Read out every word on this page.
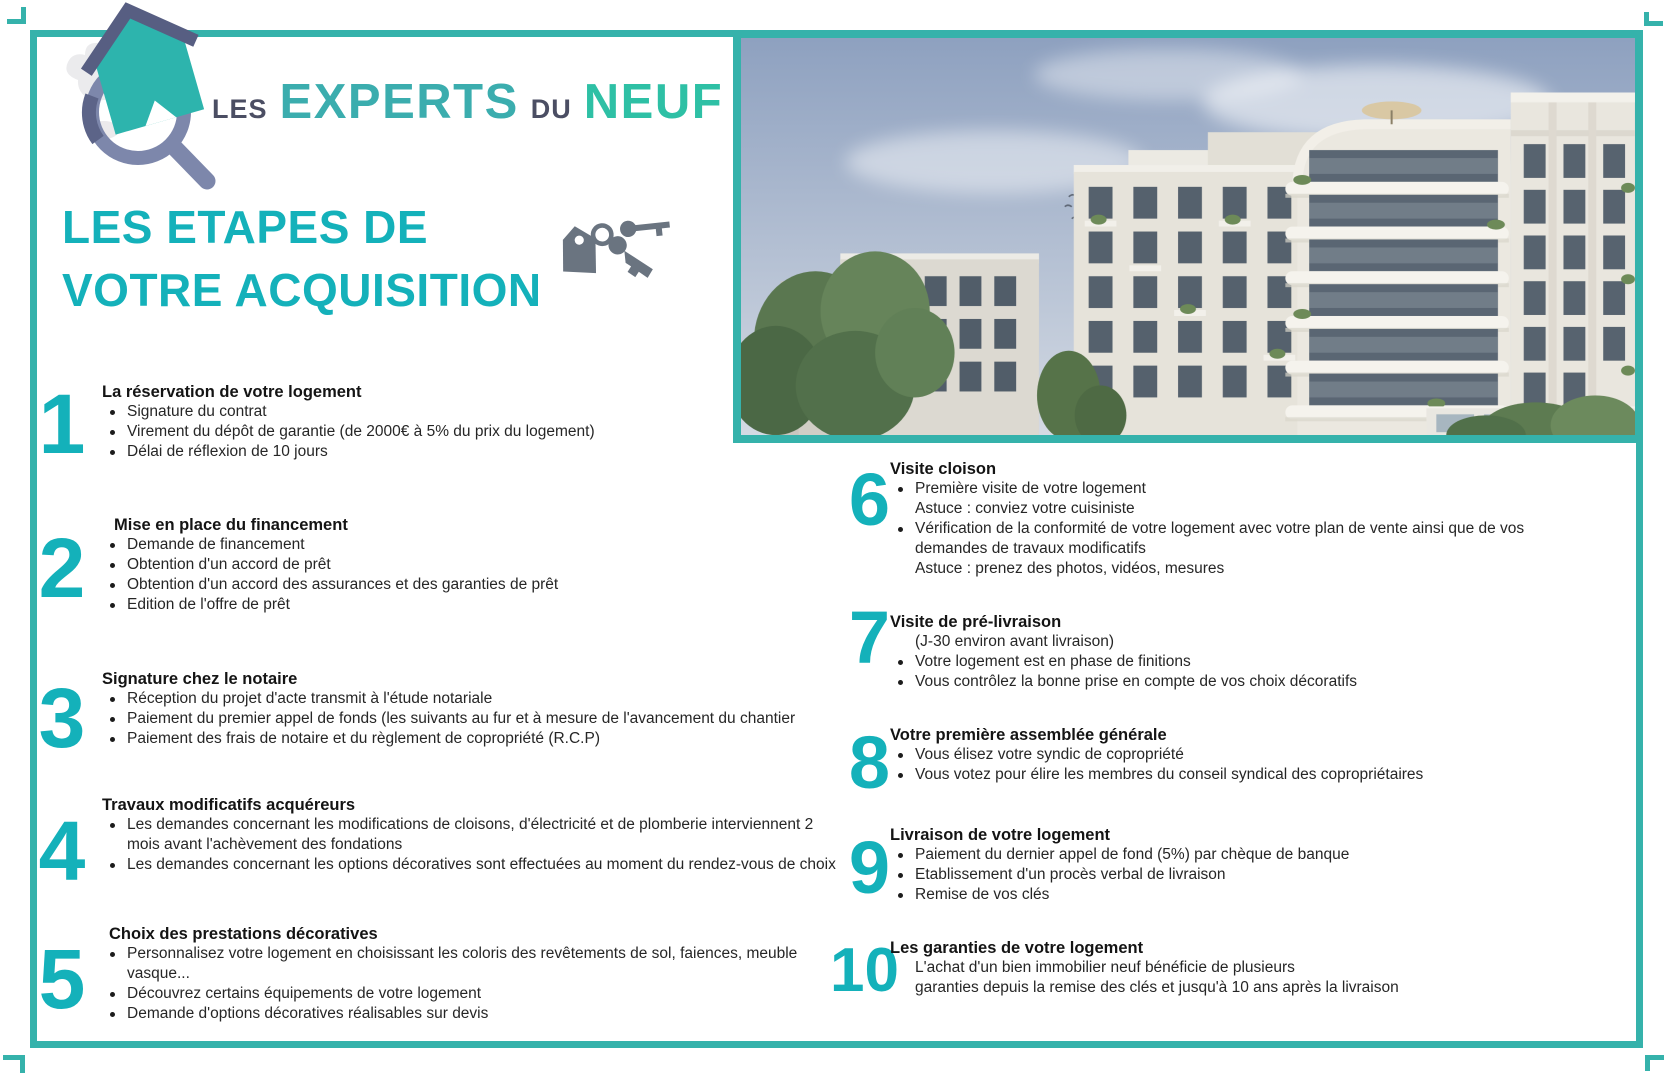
LES EXPERTS DU NEUF
LES ETAPES DE
VOTRE ACQUISITION
1 La réservation de votre logement
Signature du contrat
Virement du dépôt de garantie (de 2000€ à 5% du prix du logement)
Délai de réflexion de 10 jours
2 Mise en place du financement
Demande de financement
Obtention d'un accord de prêt
Obtention d'un accord des assurances et des garanties de prêt
Edition de l'offre de prêt
3 Signature chez le notaire
Réception du projet d'acte transmit à l'étude notariale
Paiement du premier appel de fonds (les suivants au fur et à mesure de l'avancement du chantier
Paiement des frais de notaire et du règlement de copropriété (R.C.P)
4 Travaux modificatifs acquéreurs
Les demandes concernant les modifications de cloisons, d'électricité et de plomberie interviennent 2
mois avant l'achèvement des fondations
Les demandes concernant les options décoratives sont effectuées au moment du rendez-vous de choix
5 Choix des prestations décoratives
Personnalisez votre logement en choisissant les coloris des revêtements de sol, faiences, meuble
vasque...
Découvrez certains équipements de votre logement
Demande d'options décoratives réalisables sur devis
6 Visite cloison
Première visite de votre logement
Astuce : conviez votre cuisiniste
Vérification de la conformité de votre logement avec votre plan de vente ainsi que de vos
demandes de travaux modificatifs
Astuce : prenez des photos, vidéos, mesures
7 Visite de pré-livraison
(J-30 environ avant livraison)
Votre logement est en phase de finitions
Vous contrôlez la bonne prise en compte de vos choix décoratifs
8 Votre première assemblée générale
Vous élisez votre syndic de copropriété
Vous votez pour élire les membres du conseil syndical des copropriétaires
9 Livraison de votre logement
Paiement du dernier appel de fond (5%) par chèque de banque
Etablissement d'un procès verbal de livraison
Remise de vos clés
10
Les garanties de votre logement
L'achat d'un bien immobilier neuf bénéficie de plusieurs
garanties depuis la remise des clés et jusqu'à 10 ans après la livraison
